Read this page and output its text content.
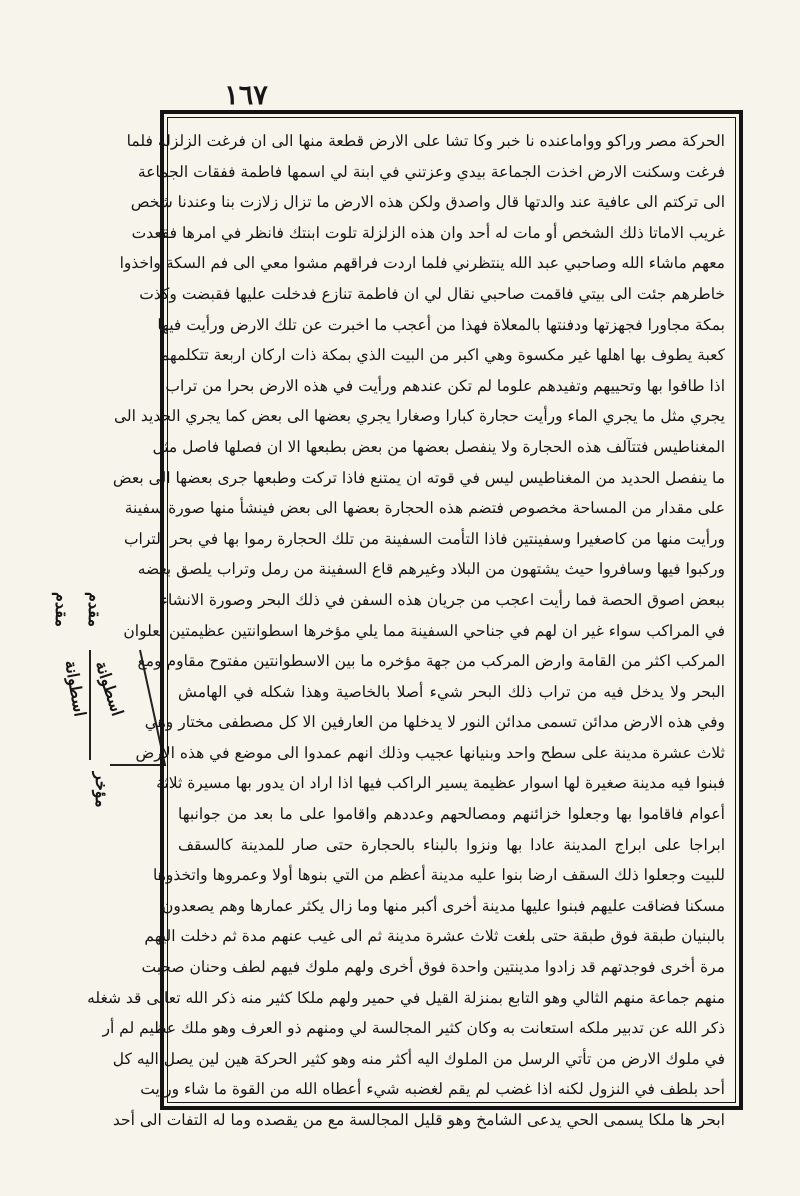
١٦٧
مقدم مقدم
اسطوانة اسطوانة
مؤخر
الحركة مصر وراكو وواماعنده نا خبر وكا تشا على الارض قطعة منها الى ان فرغت الزلزلة فلما
فرغت وسكنت الارض اخذت الجماعة بيدي وعزتني في ابنة لي اسمها فاطمة ففقات الجماعة
الى تركتم الى عافية عند والدتها قال واصدق ولكن هذه الارض ما تزال زلازت بنا وعندنا شخص
غريب الاماتا ذلك الشخص أو مات له أحد وان هذه الزلزلة تلوت ابنتك فانظر في امرها فقعدت
معهم ماشاء الله وصاحبي عبد الله ينتظرني فلما اردت فراقهم مشوا معي الى فم السكة واخذوا
خاطرهم جئت الى بيتي فاقمت صاحبي نقال لي ان فاطمة تنازع فدخلت عليها فقبضت وكذت
بمكة مجاورا فجهزتها ودفنتها بالمعلاة فهذا من أعجب ما اخبرت عن تلك الارض ورأيت فيها
كعبة يطوف بها اهلها غير مكسوة وهي اكبر من البيت الذي بمكة ذات اركان اربعة تتكلمهم
اذا طافوا بها وتحييهم وتفيدهم علوما لم تكن عندهم ورأيت في هذه الارض بحرا من تراب
يجري مثل ما يجري الماء ورأيت حجارة كبارا وصغارا يجري بعضها الى بعض كما يجري الحديد الى
المغناطيس فتتآلف هذه الحجارة ولا ينفصل بعضها من بعض بطبعها الا ان فصلها فاصل مثل
ما ينفصل الحديد من المغناطيس ليس في قوته ان يمتنع فاذا تركت وطبعها جرى بعضها الى بعض
على مقدار من المساحة مخصوص فتضم هذه الحجارة بعضها الى بعض فينشأ منها صورة سفينة
ورأيت منها من كاصغيرا وسفينتين فاذا التأمت السفينة من تلك الحجارة رموا بها في بحر التراب
وركبوا فيها وسافروا حيث يشتهون من البلاد وغيرهم قاع السفينة من رمل وتراب يلصق بعضه
ببعض اصوق الحصة فما رأيت اعجب من جريان هذه السفن في ذلك البحر وصورة الانشاء
في المراكب سواء غير ان لهم في جناحي السفينة مما يلي مؤخرها اسطوانتين عظيمتين تعلوان
المركب اكثر من القامة وارض المركب من جهة مؤخره ما بين الاسطوانتين مفتوح مقاوم ومع
البحر ولا يدخل فيه من تراب ذلك البحر شيء أصلا بالخاصية وهذا شكله في الهامش
وفي هذه الارض مدائن تسمى مدائن النور لا يدخلها من العارفين الا كل مصطفى مختار وهي
ثلاث عشرة مدينة على سطح واحد وبنيانها عجيب وذلك انهم عمدوا الى موضع في هذه الارض
فبنوا فيه مدينة صغيرة لها اسوار عظيمة يسير الراكب فيها اذا اراد ان يدور بها مسيرة ثلاثة
أعوام فاقاموا بها وجعلوا خزائنهم ومصالحهم وعددهم واقاموا على ما بعد من جوانبها
ابراجا على ابراج المدينة عادا بها ونزوا بالبناء بالحجارة حتى صار للمدينة كالسقف
للبيت وجعلوا ذلك السقف ارضا بنوا عليه مدينة أعظم من التي بنوها أولا وعمروها واتخذوها
مسكنا فضاقت عليهم فبنوا عليها مدينة أخرى أكبر منها وما زال يكثر عمارها وهم يصعدون
بالبنيان طبقة فوق طبقة حتى بلغت ثلاث عشرة مدينة ثم الى غيب عنهم مدة ثم دخلت اليهم
مرة أخرى فوجدتهم قد زادوا مدينتين واحدة فوق أخرى ولهم ملوك فيهم لطف وحنان صحبت
منهم جماعة منهم الثالي وهو التابع بمنزلة القيل في حمير ولهم ملكا كثير منه ذكر الله تعالى قد شغله
ذكر الله عن تدبير ملكه استعانت به وكان كثير المجالسة لي ومنهم ذو العرف وهو ملك عظيم لم أر
في ملوك الارض من تأتي الرسل من الملوك اليه أكثر منه وهو كثير الحركة هين لين يصل اليه كل
أحد بلطف في النزول لكنه اذا غضب لم يقم لغضبه شيء أعطاه الله من القوة ما شاء ورأيت
ابحر ها ملكا يسمى الحي يدعى الشامخ وهو قليل المجالسة مع من يقصده وما له التفات الى أحد
